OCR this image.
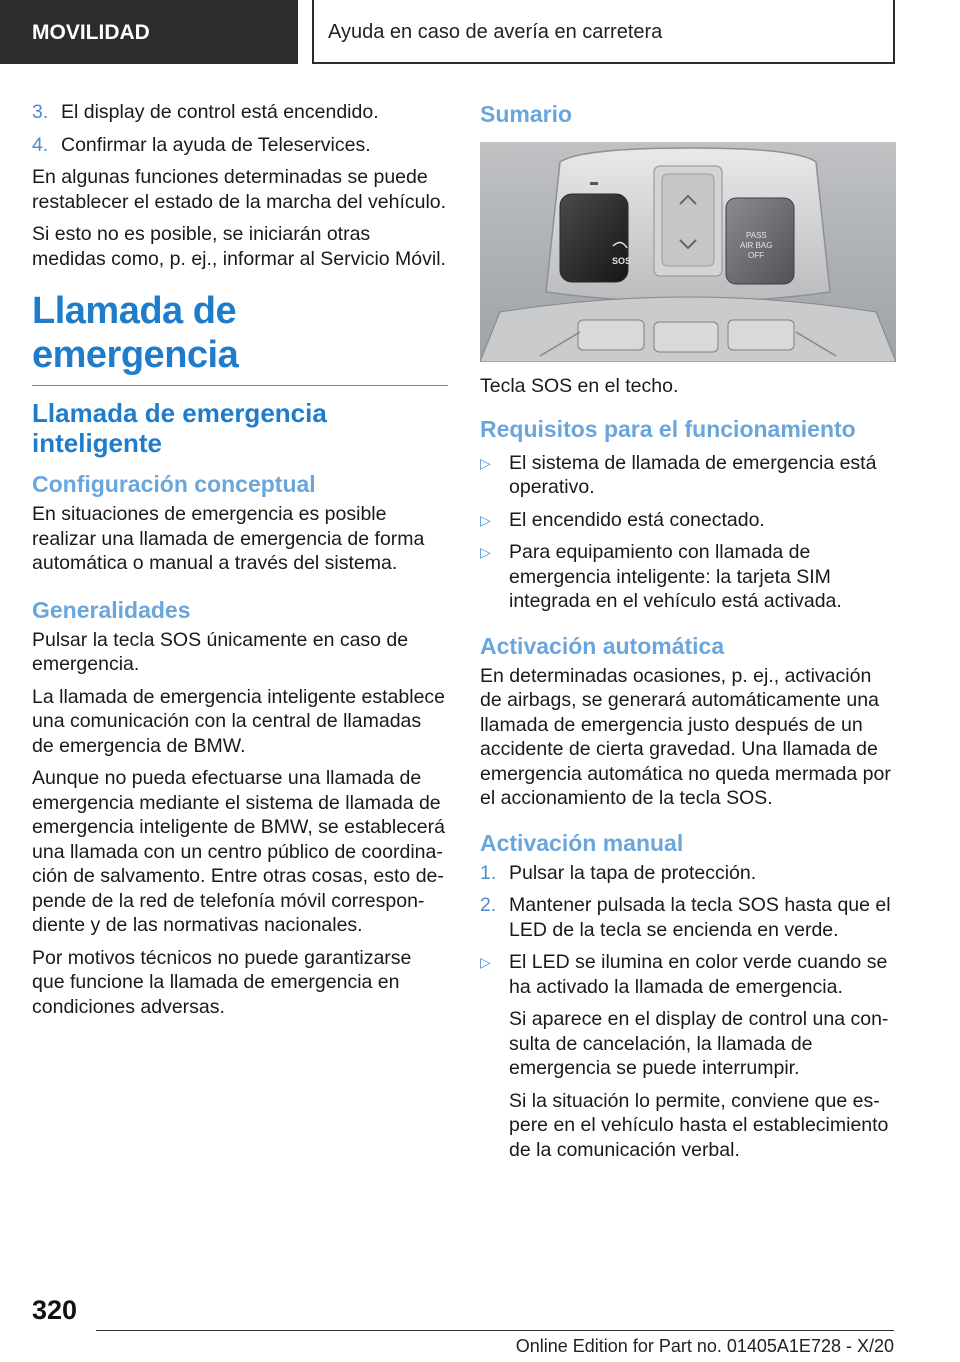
MOVILIDAD	Ayuda en caso de avería en carretera
3. El display de control está encendido.
4. Confirmar la ayuda de Teleservices.

En algunas funciones determinadas se puede restablecer el estado de la marcha del vehículo.

Si esto no es posible, se iniciarán otras medidas como, p. ej., informar al Servicio Móvil.

Llamada de emergencia
Llamada de emergencia inteligente
Configuración conceptual

En situaciones de emergencia es posible realizar una llamada de emergencia de forma automática o manual a través del sistema.

Generalidades

Pulsar la tecla SOS únicamente en caso de emergencia.

La llamada de emergencia inteligente establece una comunicación con la central de llamadas de emergencia de BMW.

Aunque no pueda efectuarse una llamada de emergencia mediante el sistema de llamada de emergencia inteligente de BMW, se establecerá una llamada con un centro público de coordinación de salvamento. Entre otras cosas, esto depende de la red de telefonía móvil correspondiente y de las normativas nacionales.

Por motivos técnicos no puede garantizarse que funcione la llamada de emergencia en condiciones adversas.

Sumario
SOS
PASS
AIR BAG
OFF

Tecla SOS en el techo.

Requisitos para el funcionamiento
▷ El sistema de llamada de emergencia está operativo.
▷ El encendido está conectado.
▷ Para equipamiento con llamada de emergencia inteligente: la tarjeta SIM integrada en el vehículo está activada.
Activación automática

En determinadas ocasiones, p. ej., activación de airbags, se generará automáticamente una llamada de emergencia justo después de un accidente de cierta gravedad. Una llamada de emergencia automática no queda mermada por el accionamiento de la tecla SOS.

Activación manual
1. Pulsar la tapa de protección.
2. Mantener pulsada la tecla SOS hasta que el LED de la tecla se encienda en verde.
▷ El LED se ilumina en color verde cuando se ha activado la llamada de emergencia.

Si aparece en el display de control una consulta de cancelación, la llamada de emergencia se puede interrumpir.

Si la situación lo permite, conviene que espere en el vehículo hasta el establecimiento de la comunicación verbal.

320
Online Edition for Part no. 01405A1E728 - X/20
